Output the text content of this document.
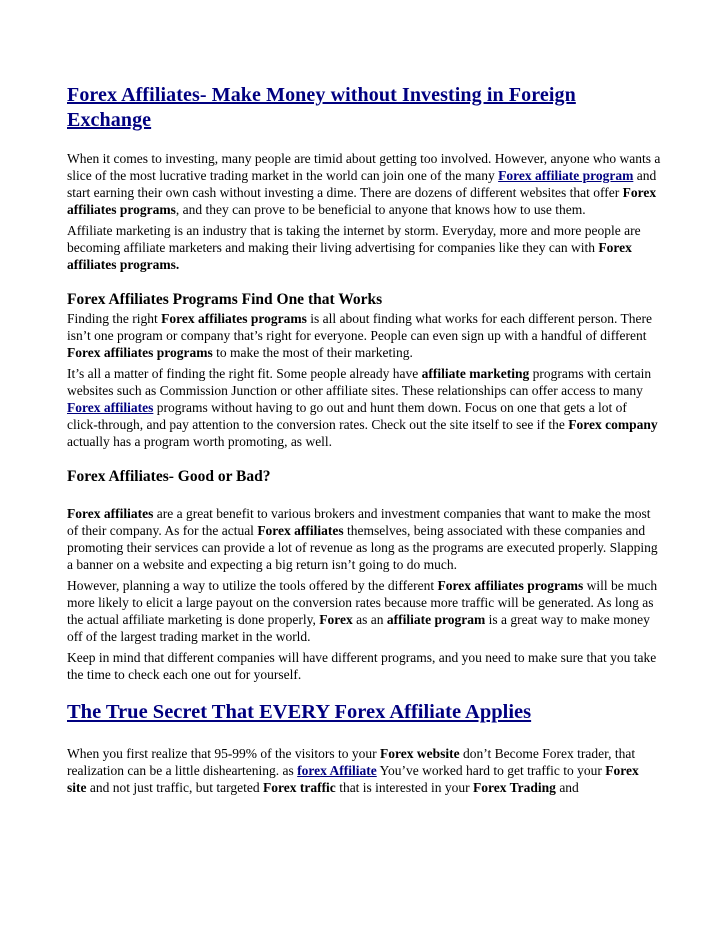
Forex Affiliates- Make Money without Investing in Foreign Exchange

When it comes to investing, many people are timid about getting too involved. However, anyone who wants a slice of the most lucrative trading market in the world can join one of the many Forex affiliate program and start earning their own cash without investing a dime. There are dozens of different websites that offer Forex affiliates programs, and they can prove to be beneficial to anyone that knows how to use them.

Affiliate marketing is an industry that is taking the internet by storm. Everyday, more and more people are becoming affiliate marketers and making their living advertising for companies like they can with Forex affiliates programs.

Forex Affiliates Programs Find One that Works

Finding the right Forex affiliates programs is all about finding what works for each different person. There isn’t one program or company that’s right for everyone. People can even sign up with a handful of different Forex affiliates programs to make the most of their marketing.

It’s all a matter of finding the right fit. Some people already have affiliate marketing programs with certain websites such as Commission Junction or other affiliate sites. These relationships can offer access to many Forex affiliates programs without having to go out and hunt them down. Focus on one that gets a lot of click-through, and pay attention to the conversion rates. Check out the site itself to see if the Forex company actually has a program worth promoting, as well.

Forex Affiliates- Good or Bad?

Forex affiliates are a great benefit to various brokers and investment companies that want to make the most of their company. As for the actual Forex affiliates themselves, being associated with these companies and promoting their services can provide a lot of revenue as long as the programs are executed properly. Slapping a banner on a website and expecting a big return isn’t going to do much.

However, planning a way to utilize the tools offered by the different Forex affiliates programs will be much more likely to elicit a large payout on the conversion rates because more traffic will be generated. As long as the actual affiliate marketing is done properly, Forex as an affiliate program is a great way to make money off of the largest trading market in the world.

Keep in mind that different companies will have different programs, and you need to make sure that you take the time to check each one out for yourself.

The True Secret That EVERY Forex Affiliate Applies

When you first realize that 95-99% of the visitors to your Forex website don’t Become Forex trader, that realization can be a little disheartening. as forex Affiliate You’ve worked hard to get traffic to your Forex site and not just traffic, but targeted Forex traffic that is interested in your Forex Trading and
